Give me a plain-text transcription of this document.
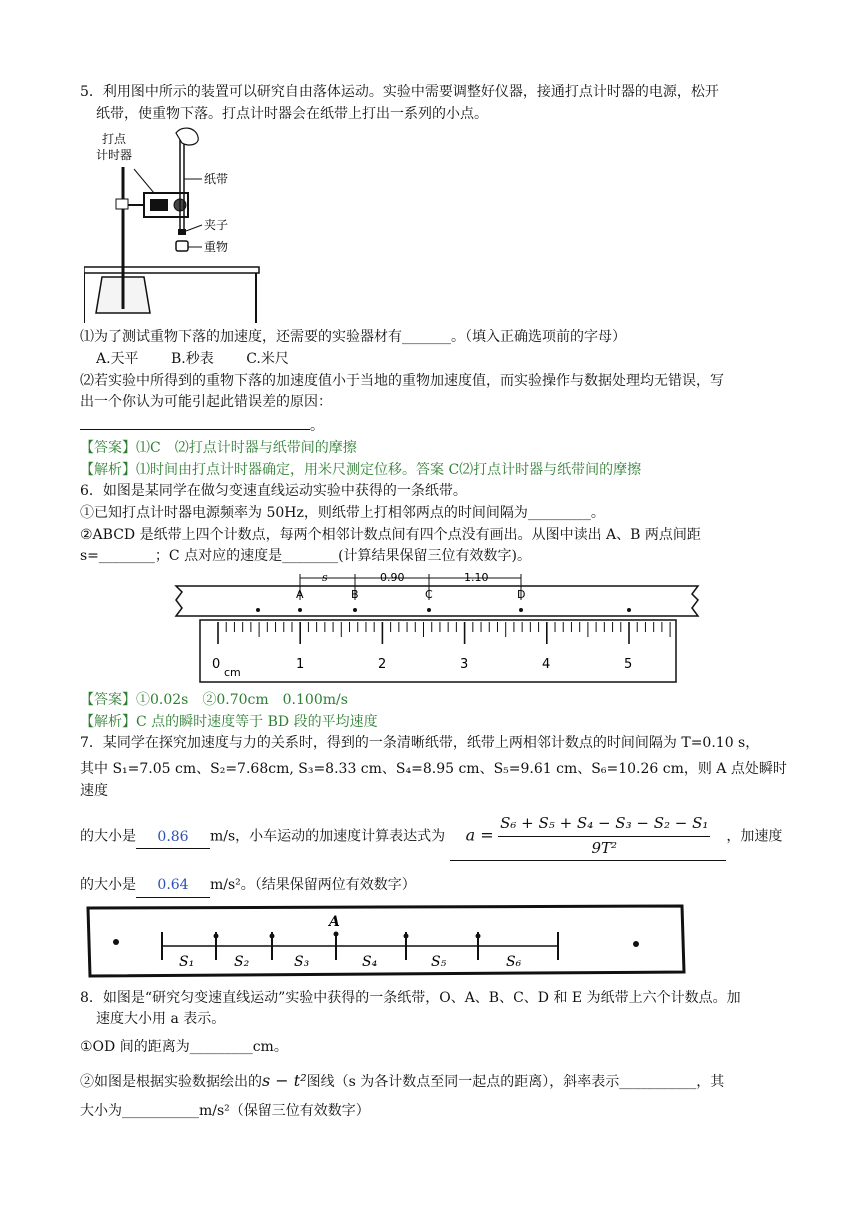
5．利用图中所示的装置可以研究自由落体运动。实验中需要调整好仪器，接通打点计时器的电源，松开

纸带，使重物下落。打点计时器会在纸带上打出一系列的小点。

打点
计时器
纸带
夹子
重物

⑴为了测试重物下落的加速度，还需要的实验器材有_______。（填入正确选项前的字母）

A.天平 B.秒表 C.米尺

⑵若实验中所得到的重物下落的加速度值小于当地的重物加速度值，而实验操作与数据处理均无错误，写

出一个你认为可能引起此错误差的原因：

。

【答案】⑴C　⑵打点计时器与纸带间的摩擦

【解析】⑴时间由打点计时器确定，用米尺测定位移。答案 C⑵打点计时器与纸带间的摩擦

6．如图是某同学在做匀变速直线运动实验中获得的一条纸带。

①已知打点计时器电源频率为 50Hz，则纸带上打相邻两点的时间间隔为_________。

②ABCD 是纸带上四个计数点，每两个相邻计数点间有四个点没有画出。从图中读出 A、B 两点间距

s=________；C 点对应的速度是________(计算结果保留三位有效数字)。

s	0.90	1.10
A	B	C	D
0
cm
1	2	3	4	5

【答案】①0.02s　②0.70cm　0.100m/s

【解析】C 点的瞬时速度等于 BD 段的平均速度

7．某同学在探究加速度与力的关系时，得到的一条清晰纸带，纸带上两相邻计数点的时间间隔为 T=0.10 s，

其中 S₁=7.05 cm、S₂=7.68cm, S₃=8.33 cm、S₄=8.95 cm、S₅=9.61 cm、S₆=10.26 cm，则 A 点处瞬时速度

的大小是 0.86 m/s，小车运动的加速度计算表达式为 $a = \frac{\text{S₆ + S₅ + S₄ − S₃ − S₂ − S₁}}{\text{9T²}}$ ，加速度

的大小是 0.64 m/s²。（结果保留两位有效数字）

A
S₁	S₂	S₃	S₄	S₅	S₆

8．如图是“研究匀变速直线运动”实验中获得的一条纸带，O、A、B、C、D 和 E 为纸带上六个计数点。加

速度大小用 a 表示。

①OD 间的距离为_________cm。

②如图是根据实验数据绘出的s − t²图线（s 为各计数点至同一起点的距离），斜率表示___________，其

大小为___________m/s²（保留三位有效数字）
